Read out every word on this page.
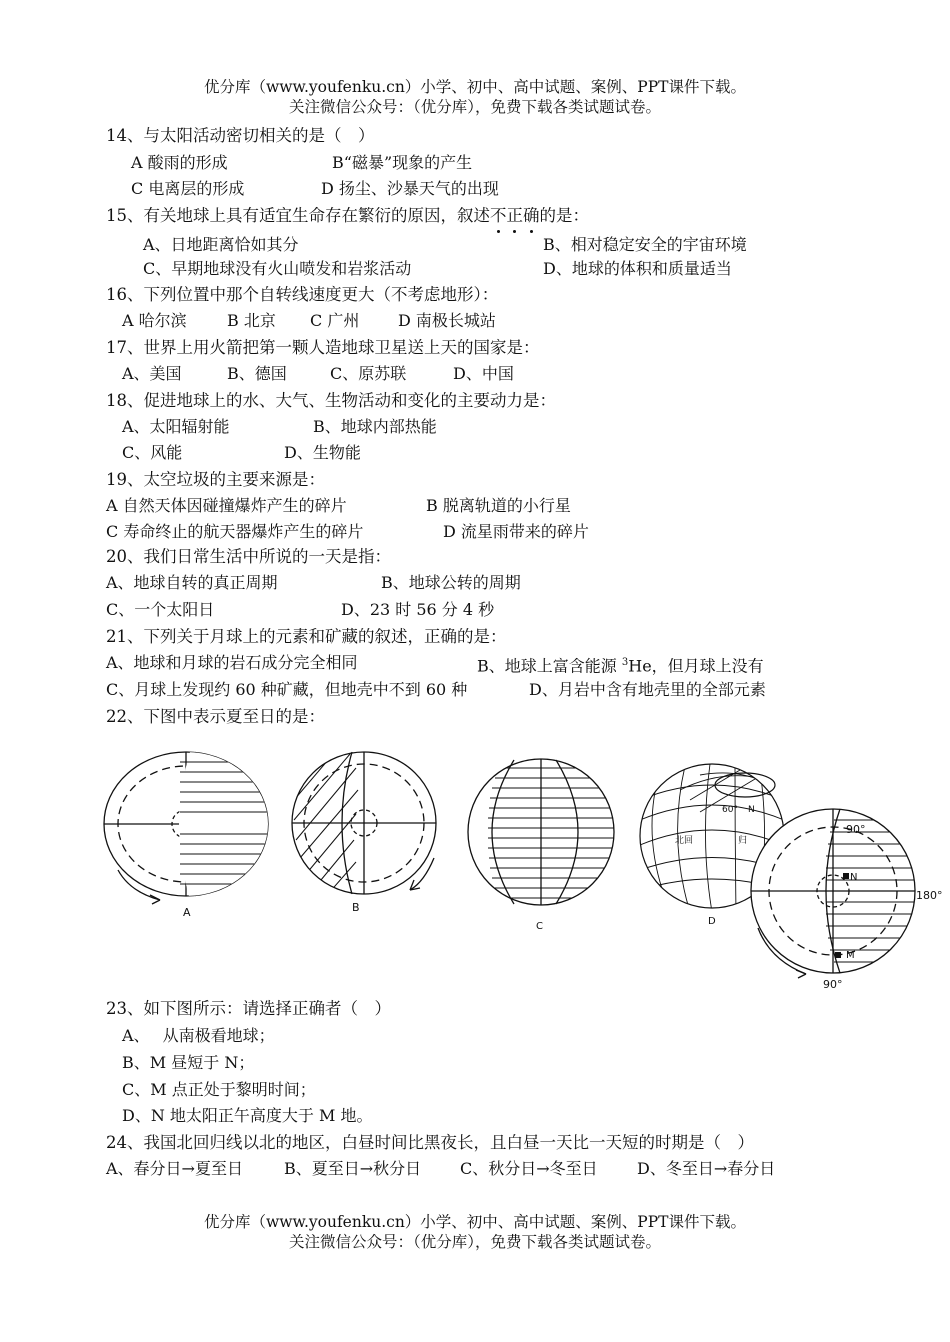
优分库（www.youfenku.cn）小学、初中、高中试题、案例、PPT课件下载。
关注微信公众号：（优分库），免费下载各类试题试卷。
14、与太阳活动密切相关的是（　）
A 酸雨的形成	B“磁暴”现象的产生
C 电离层的形成	D 扬尘、沙暴天气的出现
15、有关地球上具有适宜生命存在繁衍的原因，叙述不正确的是：
A、日地距离恰如其分	B、相对稳定安全的宇宙环境
C、早期地球没有火山喷发和岩浆活动	D、地球的体积和质量适当
16、下列位置中那个自转线速度更大（不考虑地形）：
A 哈尔滨	B 北京 C 广州 D 南极长城站
17、世界上用火箭把第一颗人造地球卫星送上天的国家是：
A、美国	B、德国	C、原苏联	D、中国
18、促进地球上的水、大气、生物活动和变化的主要动力是：
A、太阳辐射能	B、地球内部热能
C、风能	D、生物能
19、太空垃圾的主要来源是：
A 自然天体因碰撞爆炸产生的碎片	B 脱离轨道的小行星
C 寿命终止的航天器爆炸产生的碎片	D 流星雨带来的碎片
20、我们日常生活中所说的一天是指：
A、地球自转的真正周期	B、地球公转的周期
C、一个太阳日	D、23 时 56 分 4 秒
21、下列关于月球上的元素和矿藏的叙述，正确的是：
A、地球和月球的岩石成分完全相同	B、地球上富含能源 $^3$He，但月球上没有
C、月球上发现约 60 种矿藏，但地壳中不到 60 种	D、月岩中含有地壳里的全部元素
22、下图中表示夏至日的是：
A	B
C
60° N
北回	归
D
N
M
90°
180°
90°
23、如下图所示：请选择正确者（　）
A、　 从南极看地球；
B、M 昼短于 N；
C、M 点正处于黎明时间；
D、N 地太阳正午高度大于 M 地。
24、我国北回归线以北的地区，白昼时间比黑夜长，且白昼一天比一天短的时期是（　）
A、春分日→夏至日	B、夏至日→秋分日 C、秋分日→冬至日 D、冬至日→春分日
优分库（www.youfenku.cn）小学、初中、高中试题、案例、PPT课件下载。
关注微信公众号：（优分库），免费下载各类试题试卷。
